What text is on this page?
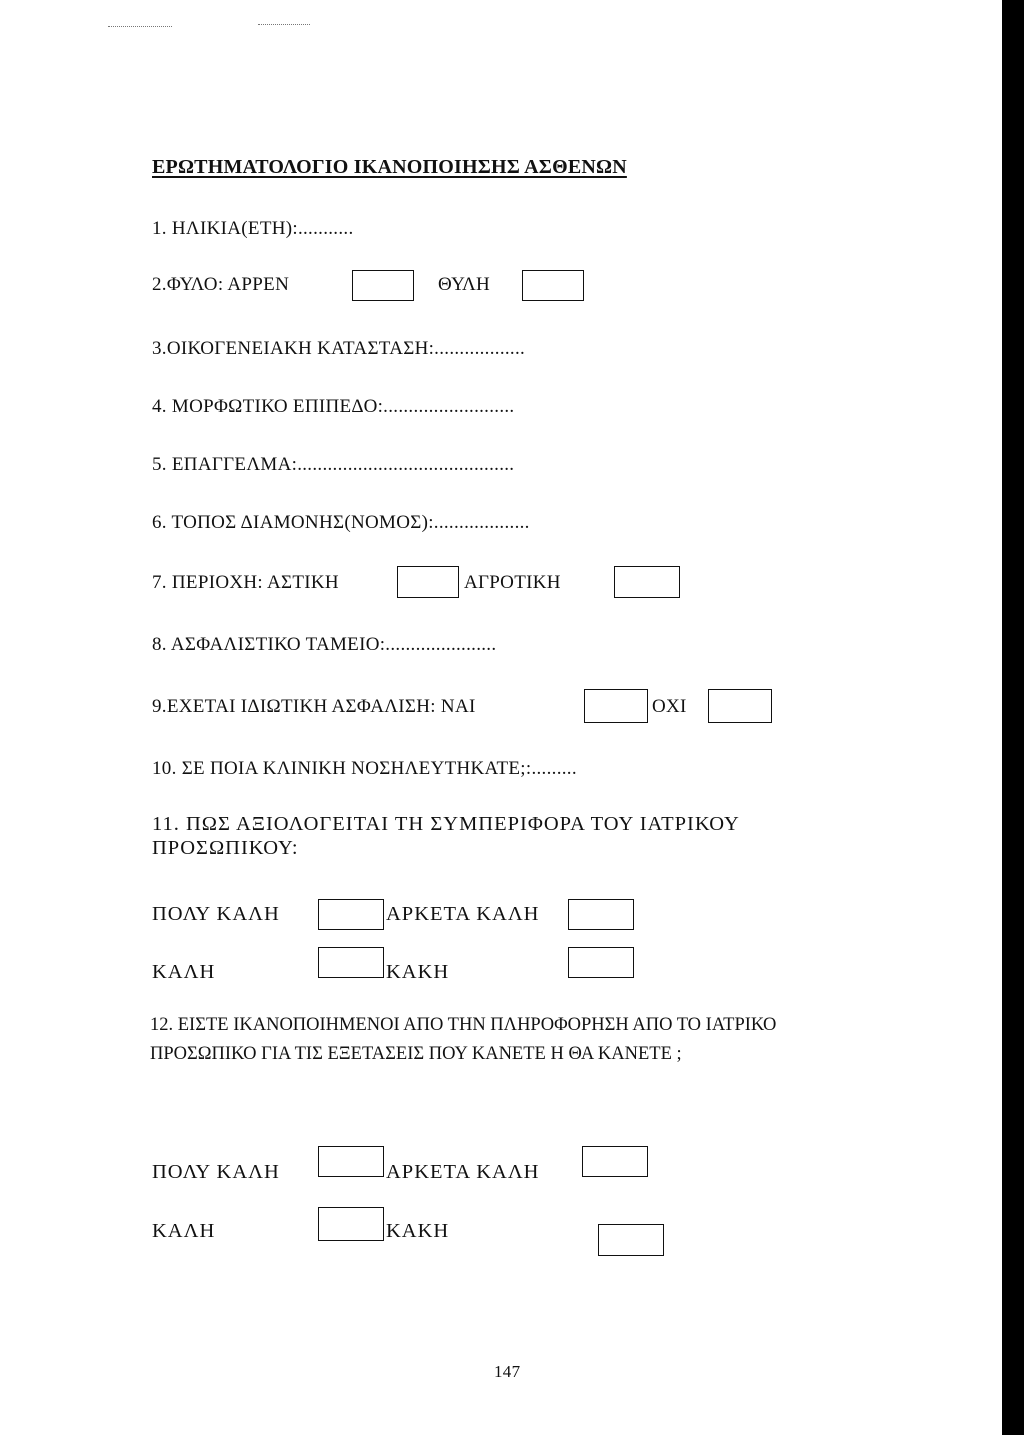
ΕΡΩΤΗΜΑΤΟΛΟΓΙΟ ΙΚΑΝΟΠΟΙΗΣΗΣ ΑΣΘΕΝΩΝ
1. ΗΛΙΚΙΑ(ΕΤΗ):...........
2.ΦΥΛΟ: ΑΡΡΕΝ	ΘΥΛΗ
3.ΟΙΚΟΓΕΝΕΙΑΚΗ ΚΑΤΑΣΤΑΣΗ:..................
4. ΜΟΡΦΩΤΙΚΟ ΕΠΙΠΕΔΟ:..........................
5. ΕΠΑΓΓΕΛΜΑ:...........................................
6. ΤΟΠΟΣ ΔΙΑΜΟΝΗΣ(ΝΟΜΟΣ):...................
7. ΠΕΡΙΟΧΗ: ΑΣΤΙΚΗ	ΑΓΡΟΤΙΚΗ
8. ΑΣΦΑΛΙΣΤΙΚΟ ΤΑΜΕΙΟ:......................
9.ΕΧΕΤΑΙ ΙΔΙΩΤΙΚΗ ΑΣΦΑΛΙΣΗ: ΝΑΙ	ΟΧΙ
10. ΣΕ ΠΟΙΑ ΚΛΙΝΙΚΗ ΝΟΣΗΛΕΥΤΗΚΑΤΕ;:.........
11. ΠΩΣ ΑΞΙΟΛΟΓΕΙΤΑΙ ΤΗ ΣΥΜΠΕΡΙΦΟΡΑ ΤΟΥ ΙΑΤΡΙΚΟΥ
ΠΡΟΣΩΠΙΚΟΥ:
ΠΟΛΥ ΚΑΛΗ	ΑΡΚΕΤΑ ΚΑΛΗ
ΚΑΛΗ	ΚΑΚΗ
12. ΕΙΣΤΕ ΙΚΑΝΟΠΟΙΗΜΕΝΟΙ ΑΠΟ ΤΗΝ ΠΛΗΡΟΦΟΡΗΣΗ ΑΠΟ ΤΟ ΙΑΤΡΙΚΟ
ΠΡΟΣΩΠΙΚΟ ΓΙΑ ΤΙΣ ΕΞΕΤΑΣΕΙΣ ΠΟΥ ΚΑΝΕΤΕ Η ΘΑ ΚΑΝΕΤΕ ;
ΠΟΛΥ ΚΑΛΗ	ΑΡΚΕΤΑ ΚΑΛΗ
ΚΑΛΗ	ΚΑΚΗ
147
